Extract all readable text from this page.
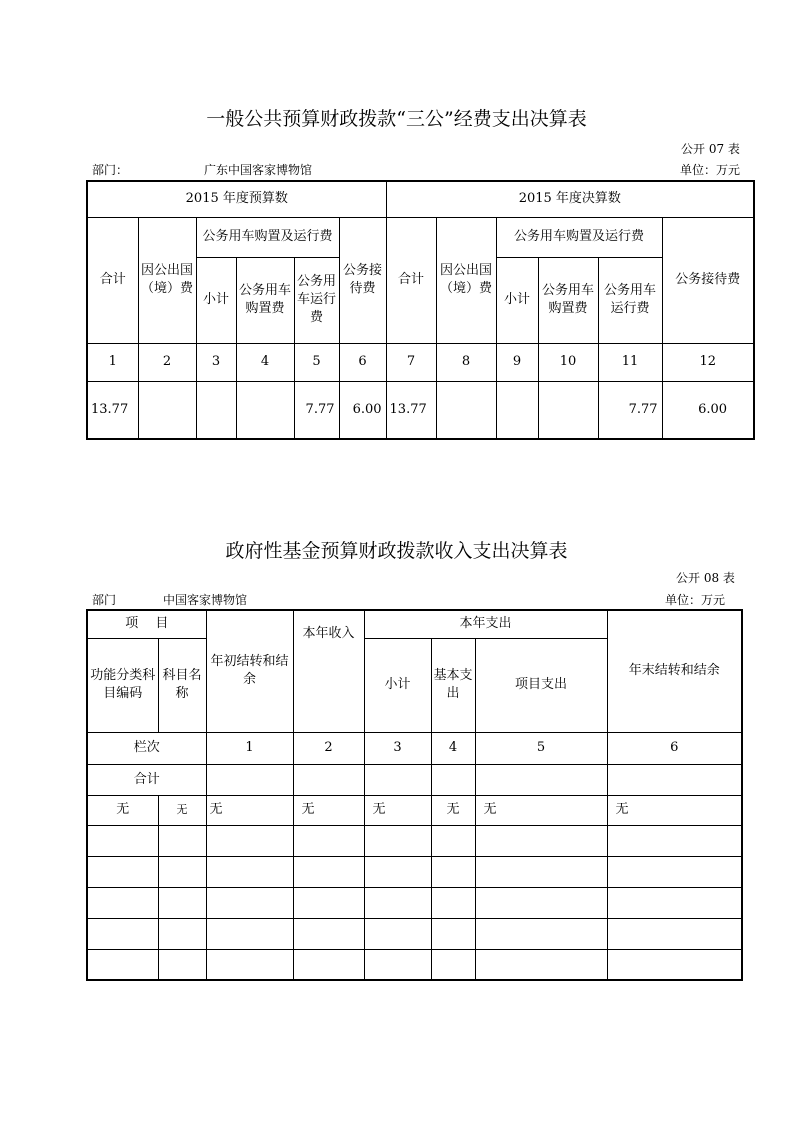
一般公共预算财政拨款“三公”经费支出决算表
公开 07 表
部门：	广东中国客家博物馆	单位：万元
2015 年度预算数						2015 年度决算数					
合计	因公出国（境）费	公务用车购置及运行费			公务接待费	合计	因公出国（境）费	公务用车购置及运行费			公务接待费
		小计	公务用车购置费	公务用车运行费				小计	公务用车购置费	公务用车运行费	
1	2	3	4	5	6	7	8	9	10	11	12
13.77				7.77	6.00	13.77				7.77	6.00
政府性基金预算财政拨款收入支出决算表
公开 08 表
部门	中国客家博物馆	单位：万元
项　 目		年初结转和结余	本年收入	本年支出			年末结转和结余
功能分类科目编码	科目名称			小计	基本支出	项目支出	
栏次		1	2	3	4	5	6
合计							
无	无	无	无	无	无	无	无
